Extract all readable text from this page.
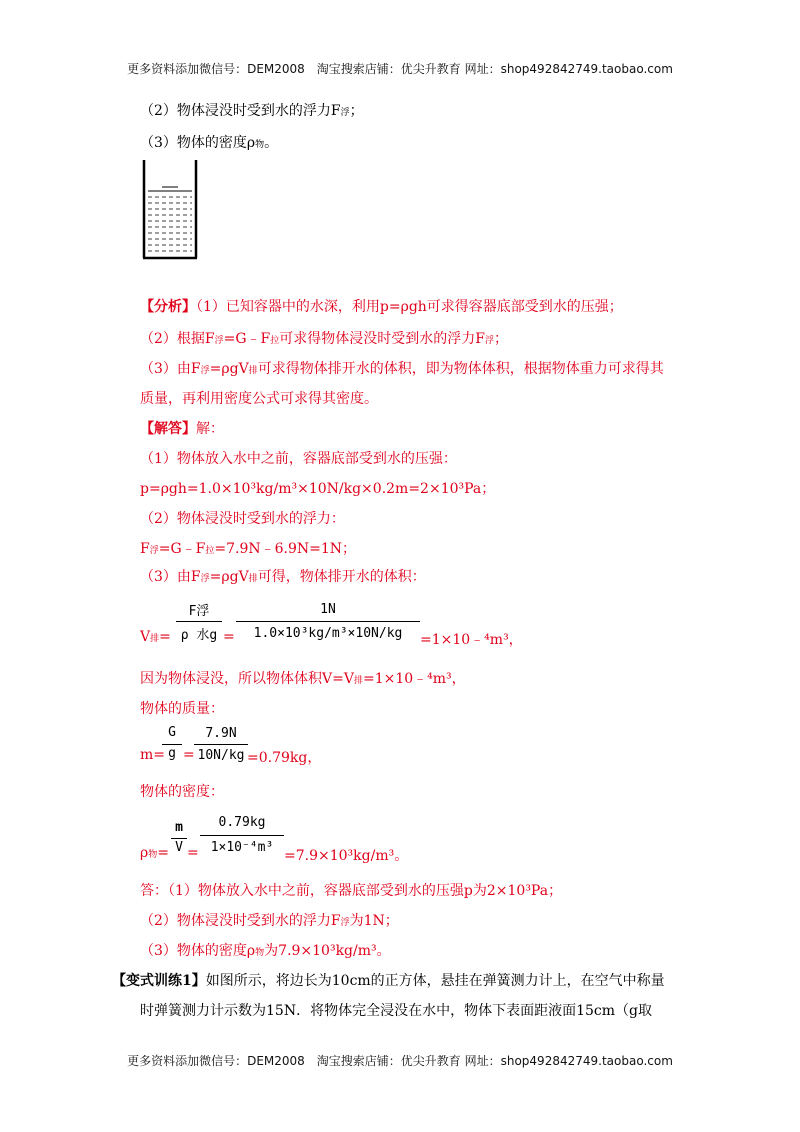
更多资料添加微信号：DEM2008　淘宝搜索店铺：优尖升教育 网址：shop492842749.taobao.com
（2）物体浸没时受到水的浮力F浮；
（3）物体的密度ρ物。
【分析】（1）已知容器中的水深，利用p=ρgh可求得容器底部受到水的压强；
（2）根据F浮=G﹣F拉可求得物体浸没时受到水的浮力F浮；
（3）由F浮=ρgV排可求得物体排开水的体积，即为物体体积，根据物体重力可求得其
质量，再利用密度公式可求得其密度。
【解答】解：
（1）物体放入水中之前，容器底部受到水的压强：
p=ρgh=1.0×10³kg/m³×10N/kg×0.2m=2×10³Pa；
（2）物体浸没时受到水的浮力：
F浮=G﹣F拉=7.9N﹣6.9N=1N；
（3）由F浮=ρgV排可得，物体排开水的体积：
V排=
F浮
ρ 水g =
1N
1.0×10³kg/m³×10N/kg	=1×10﹣⁴m³，
因为物体浸没，所以物体体积V=V排=1×10﹣⁴m³，
物体的质量：
m=
G
g =
7.9N
10N/kg =0.79kg，
物体的密度：
ρ物=
m
V =
0.79kg
1×10⁻⁴m³
=7.9×10³kg/m³。
答：（1）物体放入水中之前，容器底部受到水的压强p为2×10³Pa；
（2）物体浸没时受到水的浮力F浮为1N；
（3）物体的密度ρ物为7.9×10³kg/m³。
【变式训练1】如图所示，将边长为10cm的正方体，悬挂在弹簧测力计上，在空气中称量
时弹簧测力计示数为15N．将物体完全浸没在水中，物体下表面距液面15cm（g取
更多资料添加微信号：DEM2008　淘宝搜索店铺：优尖升教育 网址：shop492842749.taobao.com
